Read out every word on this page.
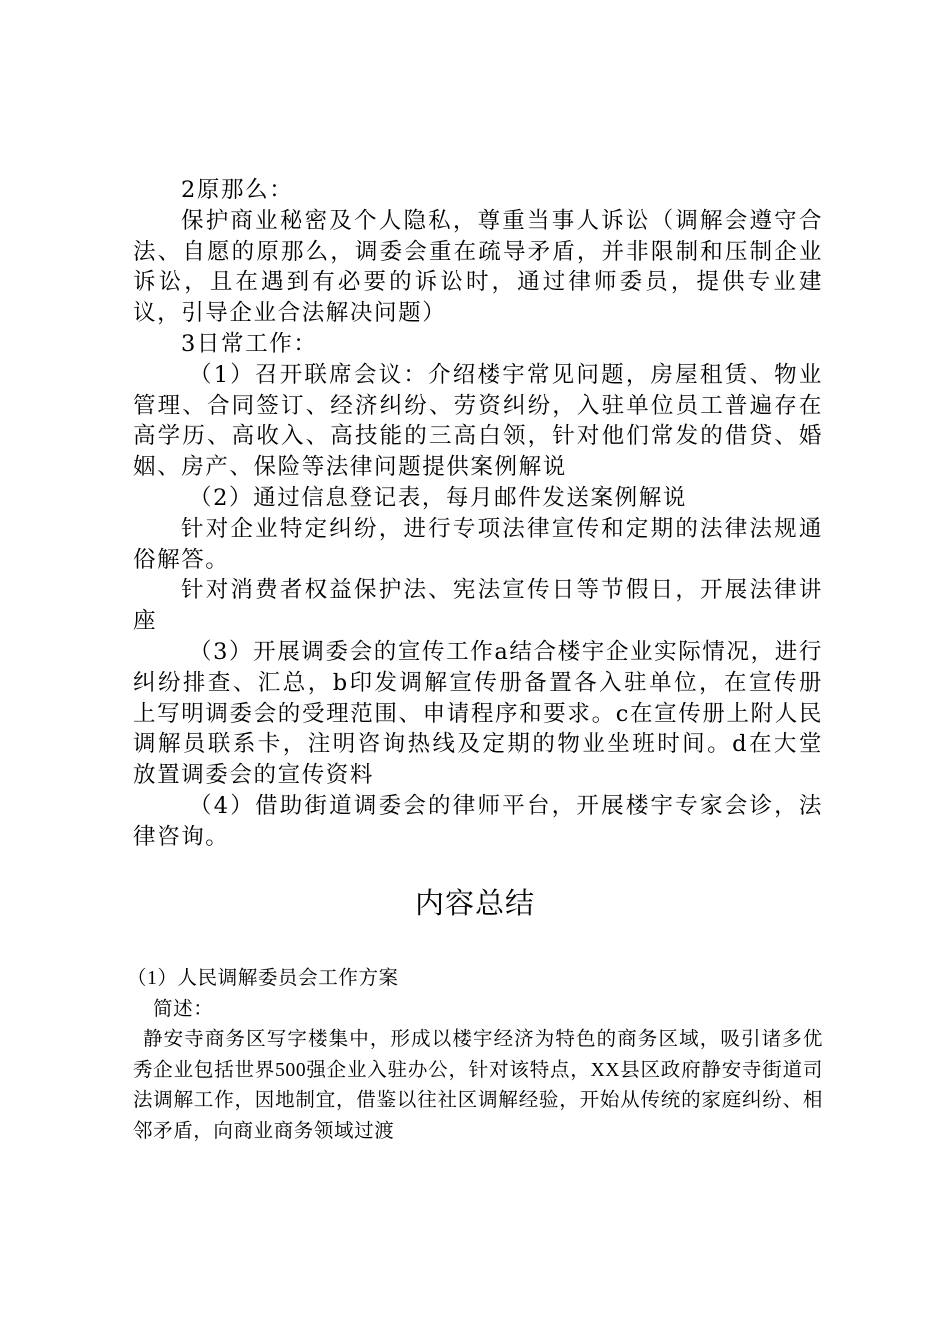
2原那么：

保护商业秘密及个人隐私，尊重当事人诉讼（调解会遵守合法、自愿的原那么，调委会重在疏导矛盾，并非限制和压制企业诉讼，且在遇到有必要的诉讼时，通过律师委员，提供专业建议，引导企业合法解决问题）

3日常工作：

（1）召开联席会议：介绍楼宇常见问题，房屋租赁、物业管理、合同签订、经济纠纷、劳资纠纷，入驻单位员工普遍存在高学历、高收入、高技能的三高白领，针对他们常发的借贷、婚姻、房产、保险等法律问题提供案例解说

（2）通过信息登记表，每月邮件发送案例解说

针对企业特定纠纷，进行专项法律宣传和定期的法律法规通俗解答。

针对消费者权益保护法、宪法宣传日等节假日，开展法律讲座

（3）开展调委会的宣传工作a结合楼宇企业实际情况，进行纠纷排查、汇总，b印发调解宣传册备置各入驻单位，在宣传册上写明调委会的受理范围、申请程序和要求。c在宣传册上附人民调解员联系卡，注明咨询热线及定期的物业坐班时间。d在大堂放置调委会的宣传资料

（4）借助街道调委会的律师平台，开展楼宇专家会诊，法律咨询。

内容总结

（1）人民调解委员会工作方案

简述：

静安寺商务区写字楼集中，形成以楼宇经济为特色的商务区域，吸引诸多优秀企业包括世界500强企业入驻办公，针对该特点，XX县区政府静安寺街道司法调解工作，因地制宜，借鉴以往社区调解经验，开始从传统的家庭纠纷、相邻矛盾，向商业商务领域过渡
